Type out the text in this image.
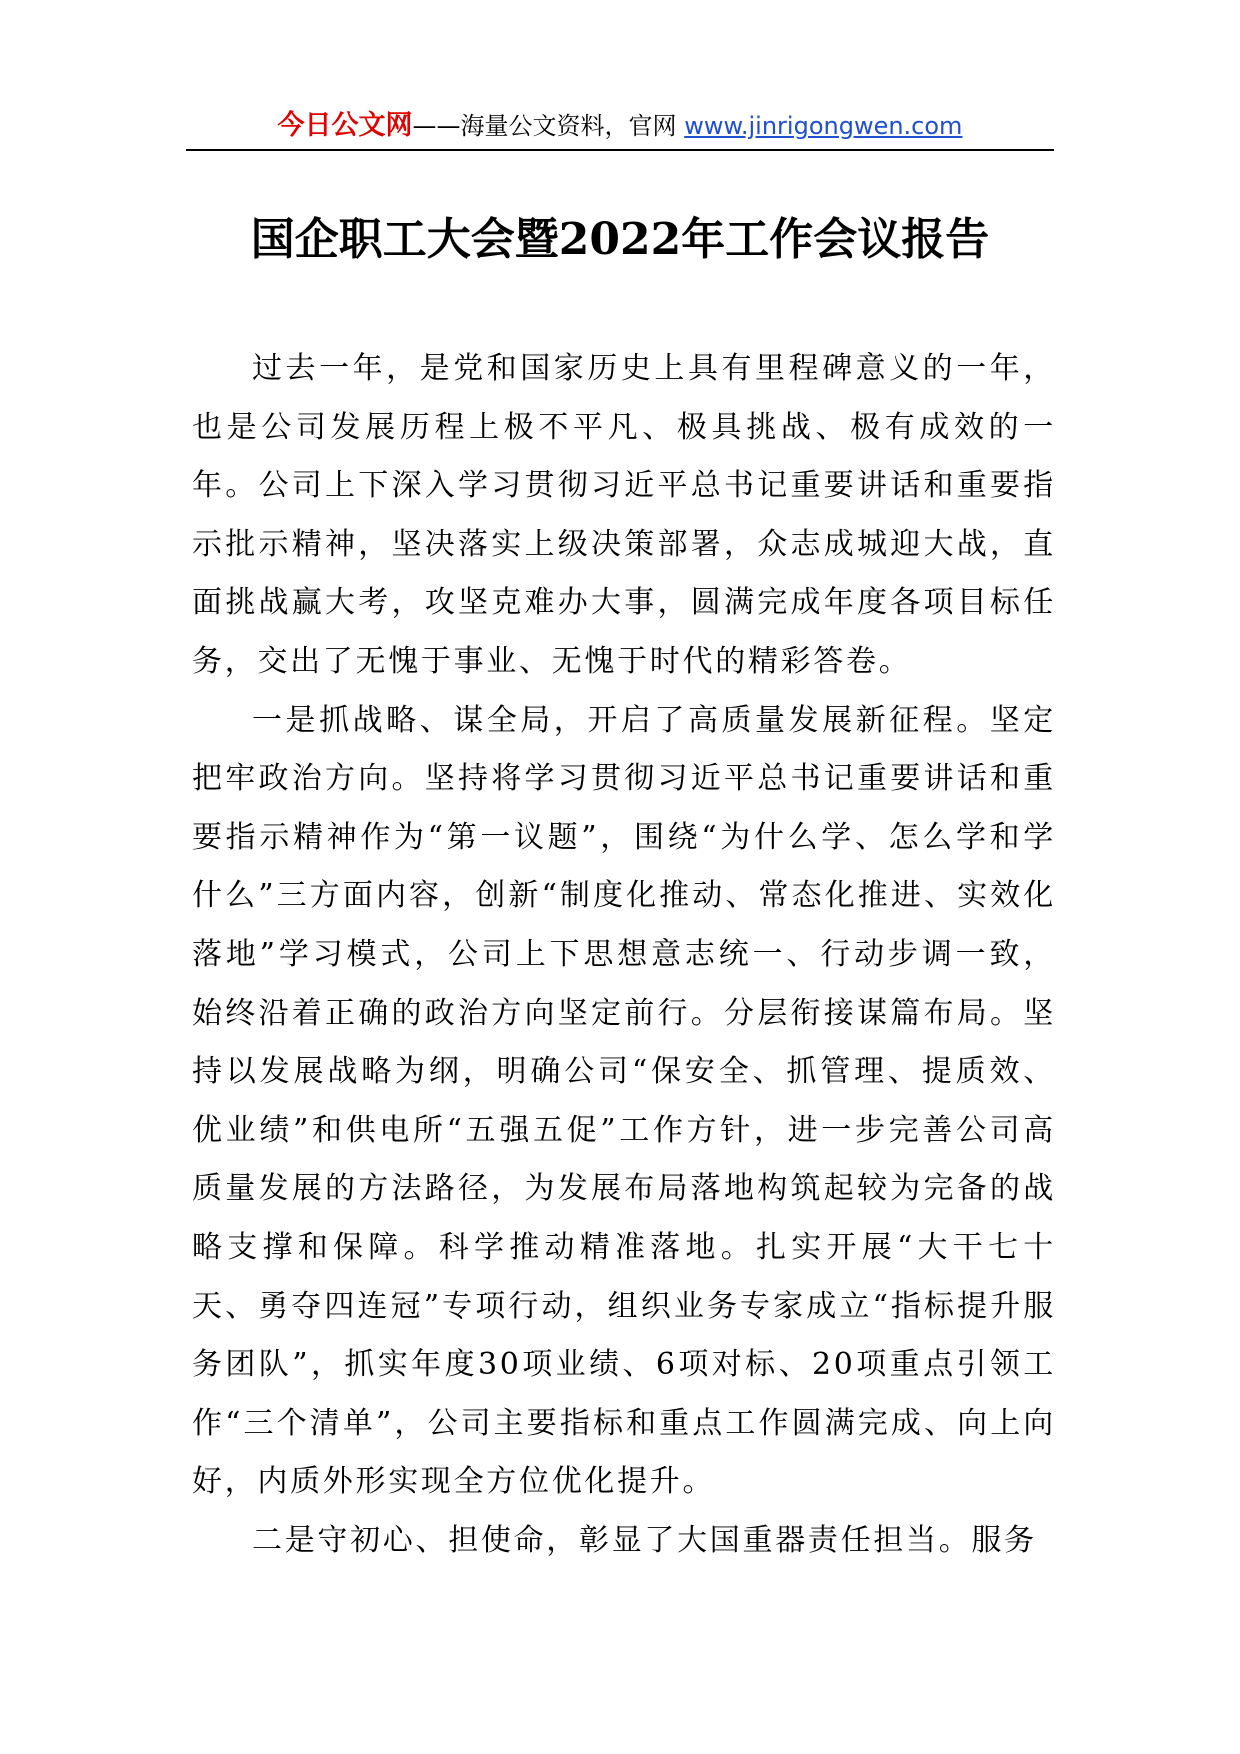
今日公文网——海量公文资料，官网 www.jinrigongwen.com
国企职工大会暨2022年工作会议报告

过去一年，是党和国家历史上具有里程碑意义的一年，也是公司发展历程上极不平凡、极具挑战、极有成效的一年。公司上下深入学习贯彻习近平总书记重要讲话和重要指示批示精神，坚决落实上级决策部署，众志成城迎大战，直面挑战赢大考，攻坚克难办大事，圆满完成年度各项目标任务，交出了无愧于事业、无愧于时代的精彩答卷。

一是抓战略、谋全局，开启了高质量发展新征程。坚定把牢政治方向。坚持将学习贯彻习近平总书记重要讲话和重要指示精神作为“第一议题”，围绕“为什么学、怎么学和学什么”三方面内容，创新“制度化推动、常态化推进、实效化落地”学习模式，公司上下思想意志统一、行动步调一致，始终沿着正确的政治方向坚定前行。分层衔接谋篇布局。坚持以发展战略为纲，明确公司“保安全、抓管理、提质效、优业绩”和供电所“五强五促”工作方针，进一步完善公司高质量发展的方法路径，为发展布局落地构筑起较为完备的战略支撑和保障。科学推动精准落地。扎实开展“大干七十天、勇夺四连冠”专项行动，组织业务专家成立“指标提升服务团队”，抓实年度30项业绩、6项对标、20项重点引领工作“三个清单”，公司主要指标和重点工作圆满完成、向上向好，内质外形实现全方位优化提升。

二是守初心、担使命，彰显了大国重器责任担当。服务
